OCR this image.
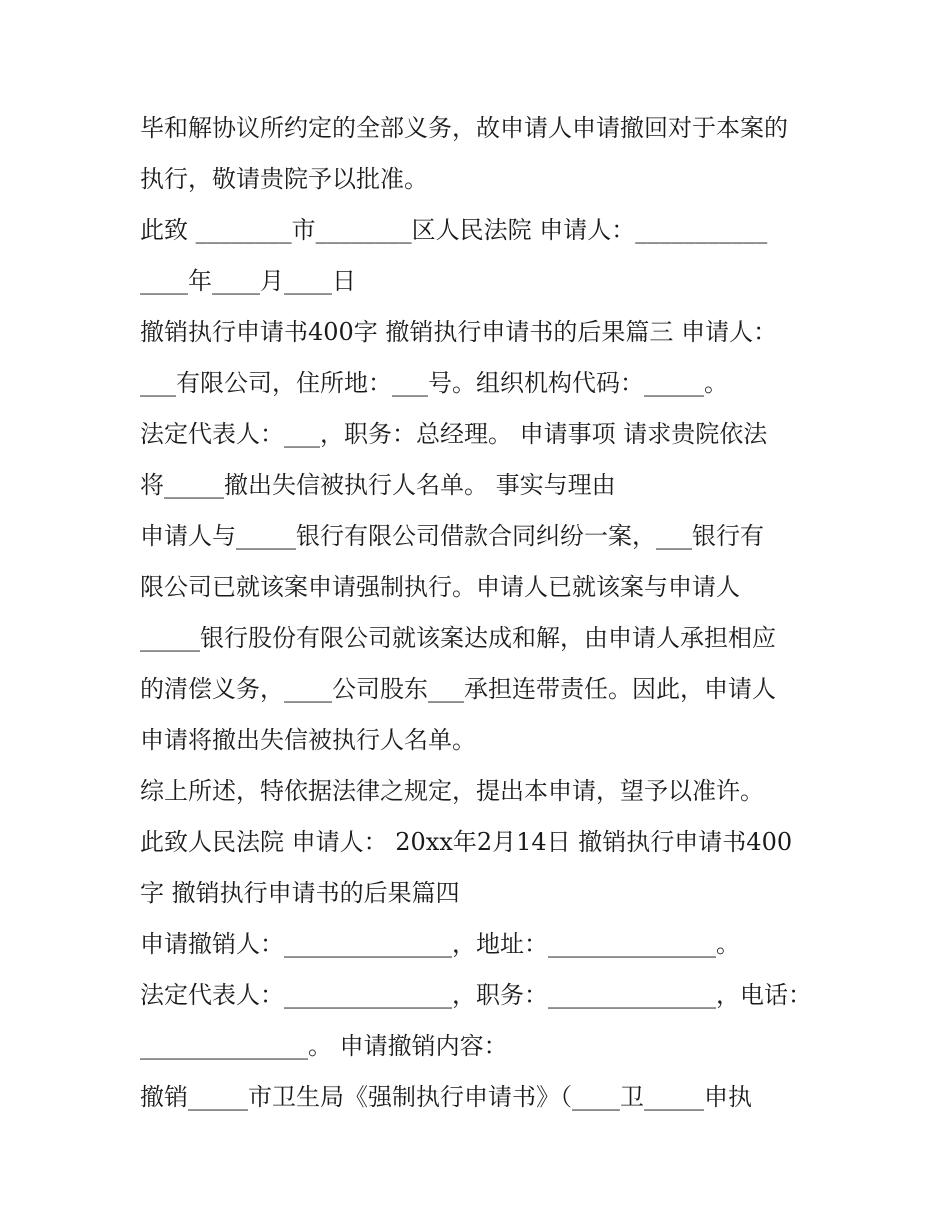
毕和解协议所约定的全部义务，故申请人申请撤回对于本案的
执行，敬请贵院予以批准。
此致 ________市________区人民法院 申请人：___________
____年____月____日
撤销执行申请书400字 撤销执行申请书的后果篇三 申请人：
___有限公司，住所地：___号。组织机构代码：_____。
法定代表人：___，职务：总经理。 申请事项 请求贵院依法
将_____撤出失信被执行人名单。 事实与理由
申请人与_____银行有限公司借款合同纠纷一案，___银行有
限公司已就该案申请强制执行。申请人已就该案与申请人
_____银行股份有限公司就该案达成和解，由申请人承担相应
的清偿义务，____公司股东___承担连带责任。因此，申请人
申请将撤出失信被执行人名单。
综上所述，特依据法律之规定，提出本申请，望予以准许。
此致人民法院 申请人： 20xx年2月14日 撤销执行申请书400
字 撤销执行申请书的后果篇四
申请撤销人：______________，地址：______________。
法定代表人：______________，职务：______________，电话：
______________。 申请撤销内容：
撤销_____市卫生局《强制执行申请书》（____卫_____申执
